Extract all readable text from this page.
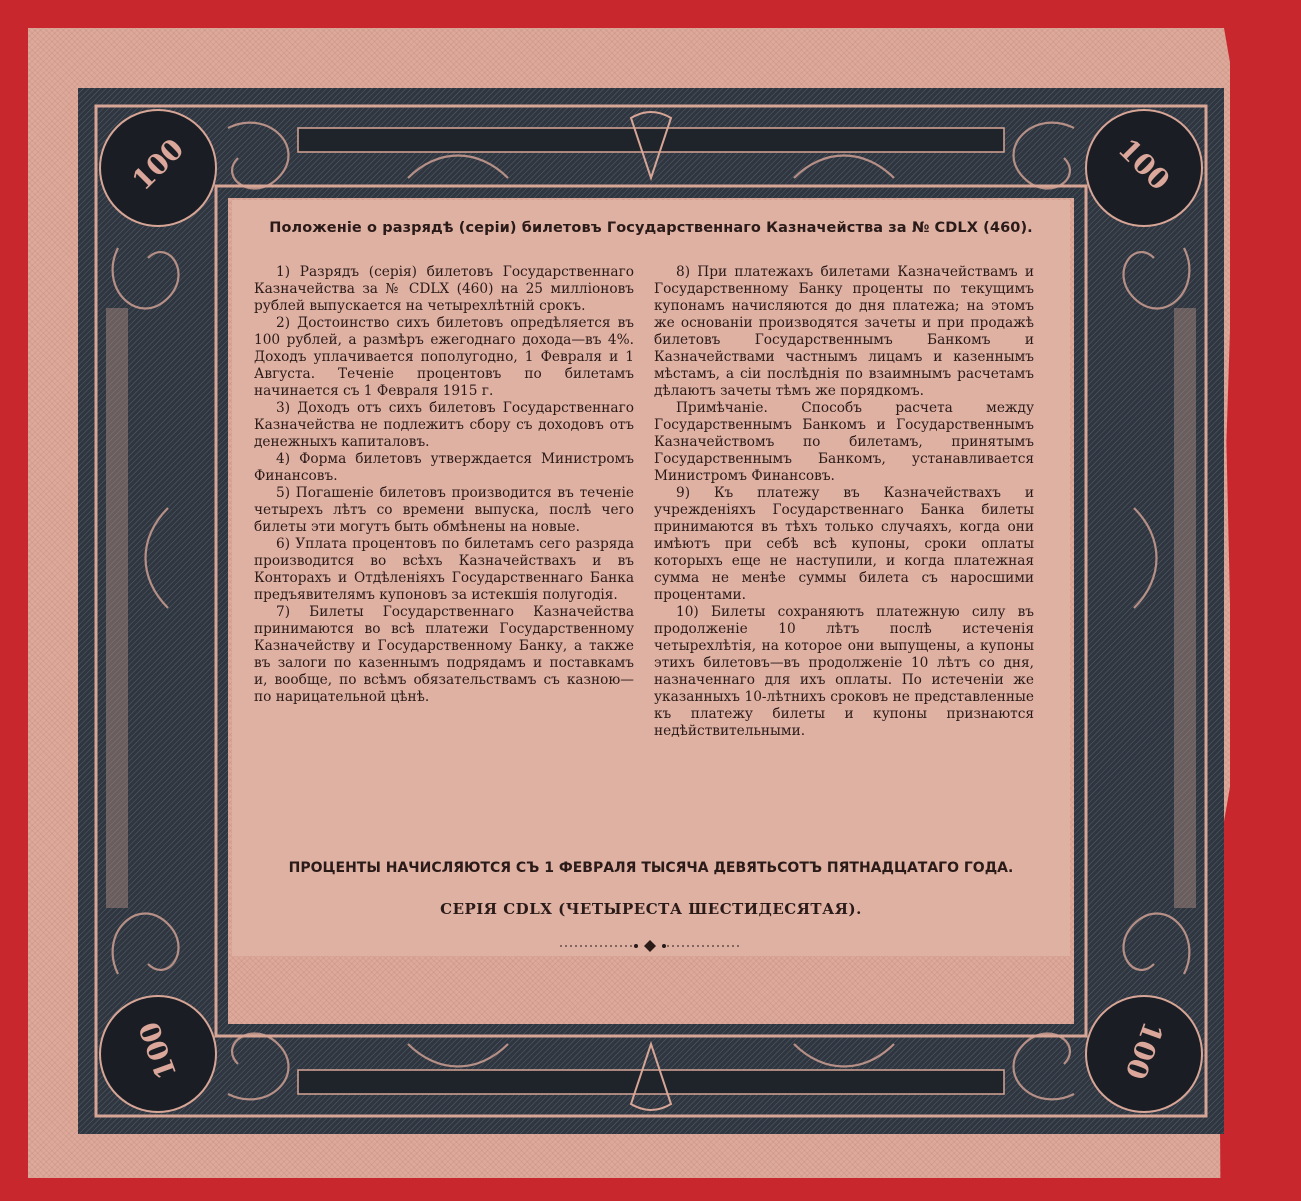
100	100
100	100
Положеніе о разрядѣ (серіи) билетовъ Государственнаго Казначейства за № CDLX (460).

1) Разрядъ (серія) билетовъ Государственнаго Казначейства за № CDLX (460) на 25 милліоновъ рублей выпускается на четырехлѣтній срокъ.

2) Достоинство сихъ билетовъ опредѣляется въ 100 рублей, а размѣръ ежегоднаго дохода—въ 4%. Доходъ уплачивается пополугодно, 1 Февраля и 1 Августа. Теченіе процентовъ по билетамъ начинается съ 1 Февраля 1915 г.

3) Доходъ отъ сихъ билетовъ Государственнаго Казначейства не подлежитъ сбору съ доходовъ отъ денежныхъ капиталовъ.

4) Форма билетовъ утверждается Министромъ Финансовъ.

5) Погашеніе билетовъ производится въ теченіе четырехъ лѣтъ со времени выпуска, послѣ чего билеты эти могутъ быть обмѣнены на новые.

6) Уплата процентовъ по билетамъ сего разряда производится во всѣхъ Казначействахъ и въ Конторахъ и Отдѣленіяхъ Государственнаго Банка предъявителямъ купоновъ за истекшія полугодія.

7) Билеты Государственнаго Казначейства принимаются во всѣ платежи Государственному Казначейству и Государственному Банку, а также въ залоги по казеннымъ подрядамъ и поставкамъ и, вообще, по всѣмъ обязательствамъ съ казною—по нарицательной цѣнѣ.

8) При платежахъ билетами Казначействамъ и Государственному Банку проценты по текущимъ купонамъ начисляются до дня платежа; на этомъ же основаніи производятся зачеты и при продажѣ билетовъ Государственнымъ Банкомъ и Казначействами частнымъ лицамъ и казеннымъ мѣстамъ, а сіи послѣднія по взаимнымъ расчетамъ дѣлаютъ зачеты тѣмъ же порядкомъ.

Примѣчаніе. Способъ расчета между Государственнымъ Банкомъ и Государственнымъ Казначействомъ по билетамъ, принятымъ Государственнымъ Банкомъ, устанавливается Министромъ Финансовъ.

9) Къ платежу въ Казначействахъ и учрежденіяхъ Государственнаго Банка билеты принимаются въ тѣхъ только случаяхъ, когда они имѣютъ при себѣ всѣ купоны, сроки оплаты которыхъ еще не наступили, и когда платежная сумма не менѣе суммы билета съ наросшими процентами.

10) Билеты сохраняютъ платежную силу въ продолженіе 10 лѣтъ послѣ истеченія четырехлѣтія, на которое они выпущены, а купоны этихъ билетовъ—въ продолженіе 10 лѣтъ со дня, назначеннаго для ихъ оплаты. По истеченіи же указанныхъ 10-лѣтнихъ сроковъ не представленные къ платежу билеты и купоны признаются недѣйствительными.

ПРОЦЕНТЫ НАЧИСЛЯЮТСЯ СЪ 1 ФЕВРАЛЯ ТЫСЯЧА ДЕВЯТЬСОТЪ ПЯТНАДЦАТАГО ГОДА.
СЕРІЯ CDLX (ЧЕТЫРЕСТА ШЕСТИДЕСЯТАЯ).
